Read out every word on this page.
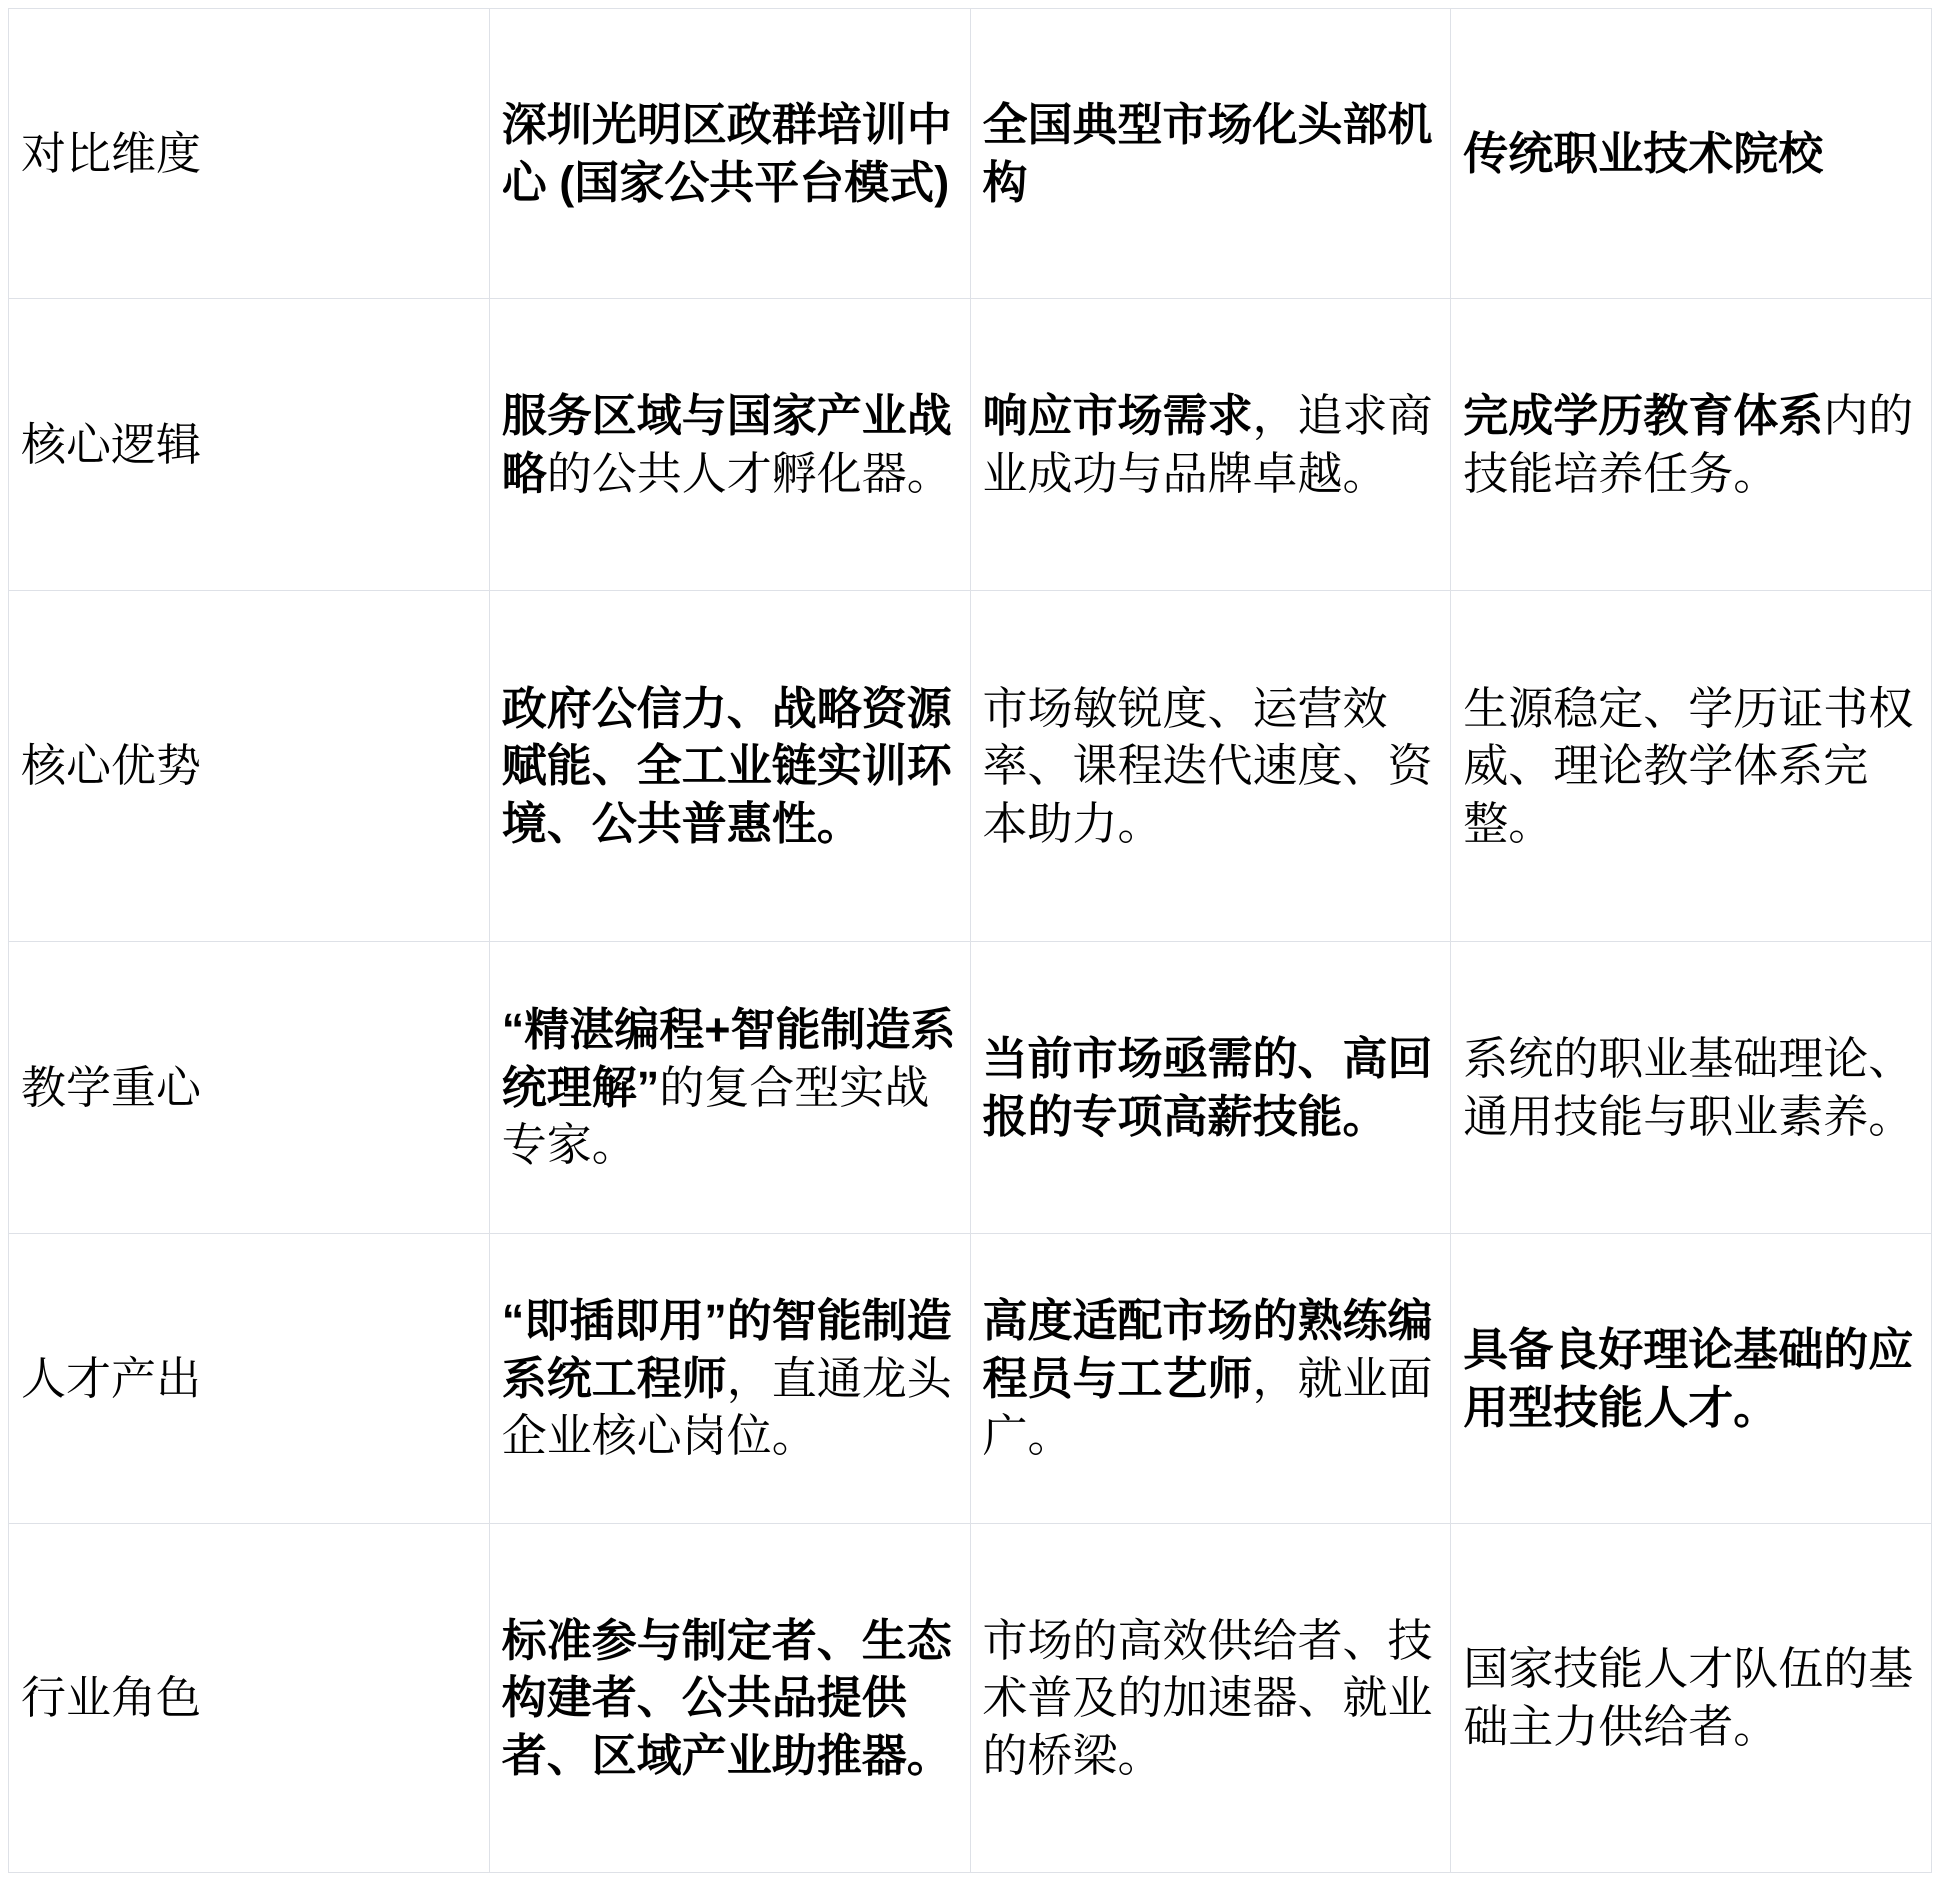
对比维度	深圳光明区政群培训中心 (国家公共平台模式)	全国典型市场化头部机构	传统职业技术院校
核心逻辑	服务区域与国家产业战略的公共人才孵化器。	响应市场需求，追求商业成功与品牌卓越。	完成学历教育体系内的技能培养任务。
核心优势	政府公信力、战略资源赋能、全工业链实训环境、公共普惠性。	市场敏锐度、运营效率、课程迭代速度、资本助力。	生源稳定、学历证书权威、理论教学体系完整。
教学重心	“精湛编程+智能制造系统理解”的复合型实战专家。	当前市场亟需的、高回报的专项高薪技能。	系统的职业基础理论、通用技能与职业素养。
人才产出	“即插即用”的智能制造系统工程师，直通龙头企业核心岗位。	高度适配市场的熟练编程员与工艺师，就业面广。	具备良好理论基础的应用型技能人才。
行业角色	标准参与制定者、生态构建者、公共品提供者、区域产业助推器。	市场的高效供给者、技术普及的加速器、就业的桥梁。	国家技能人才队伍的基础主力供给者。
